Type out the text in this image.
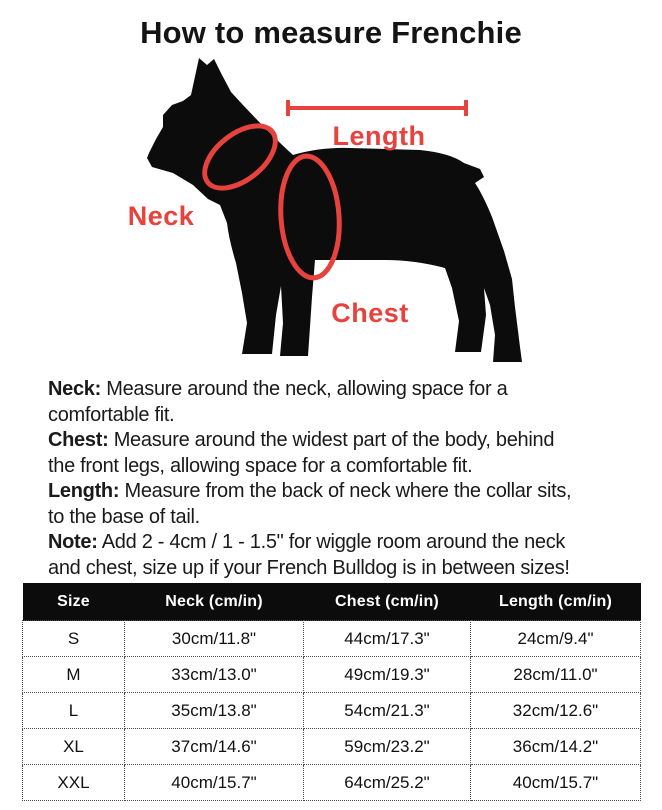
How to measure Frenchie
Neck
Length
Chest
Neck: Measure around the neck, allowing space for a
comfortable fit.
Chest: Measure around the widest part of the body, behind
the front legs, allowing space for a comfortable fit.
Length: Measure from the back of neck where the collar sits,
to the base of tail.
Note: Add 2 - 4cm / 1 - 1.5" for wiggle room around the neck
and chest, size up if your French Bulldog is in between sizes!
Size	Neck (cm/in)	Chest (cm/in)	Length (cm/in)
S	30cm/11.8"	44cm/17.3"	24cm/9.4"
M	33cm/13.0"	49cm/19.3"	28cm/11.0"
L	35cm/13.8"	54cm/21.3"	32cm/12.6"
XL	37cm/14.6"	59cm/23.2"	36cm/14.2"
XXL	40cm/15.7"	64cm/25.2"	40cm/15.7"
